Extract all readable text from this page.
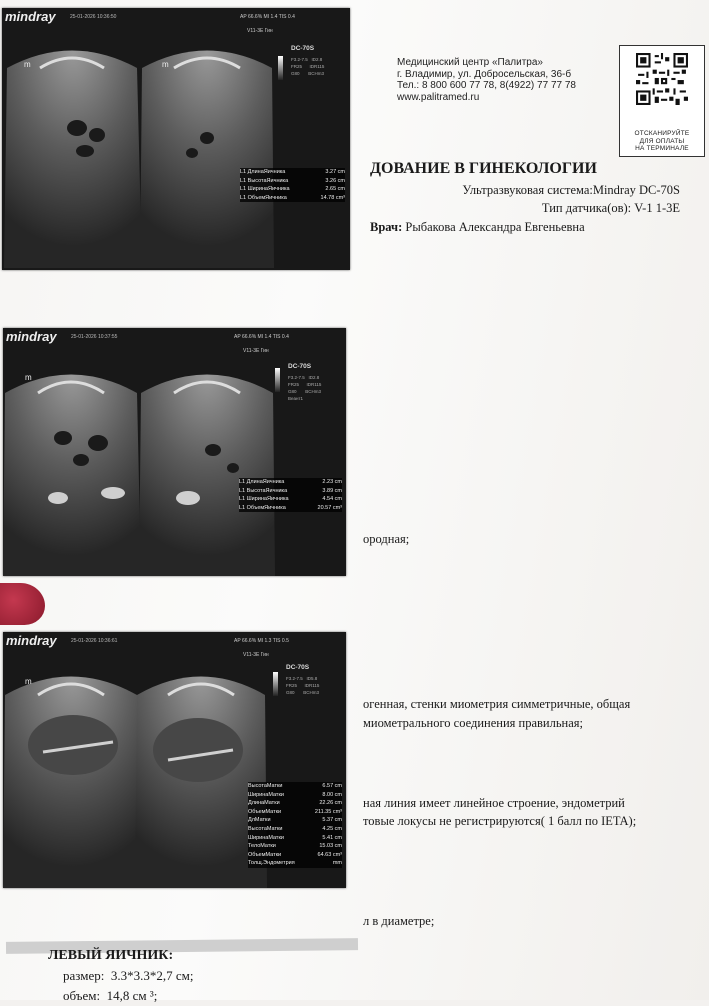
Медицинский центр «Палитра»
г. Владимир, ул. Добросельская, 36-б
Тел.: 8 800 600 77 78, 8(4922) 77 77 78
www.palitramed.ru
ОТСКАНИРУЙТЕ
ДЛЯ ОПЛАТЫ
НА ТЕРМИНАЛЕ
ДОВАНИЕ В ГИНЕКОЛОГИИ
Ультразвуковая система:Mindray DC-70S
Тип датчика(ов): V-1 1-3E
Врач: Рыбакова Александра Евгеньевна
ородная;
огенная, стенки миометрия симметричные, общая
миометрального соединения правильная;
ная линия имеет линейное строение, эндометрий
товые локусы не регистрируются( 1 балл по IETA);
л в диаметре;
mindray	25-01-2026 10:36:50	AP 66.6% MI 1.4 TIS 0.4
V11-3E Гин
DC-70S
F3.2-7.5   ID2.8
FR25      IDR115
G80       BCHm3

m	m
L1 ДлинаЯичника	3.27 cm
L1 ВысотаЯичника	3.26 cm
L1 ШиринаЯичника	2.65 cm
L1 ОбъемЯичника	14.78 cm³
mindray	25-01-2026 10:37:55	AP 66.6% MI 1.4 TIS 0.4
V11-3E Гин
DC-70S
F3.2-7.5   ID2.8
FR25      IDR115
G80       BCHm3
Веант1
m
L1 ДлинаЯичника	2.23 cm
L1 ВысотаЯичника	3.89 cm
L1 ШиринаЯичника	4.54 cm
L1 ОбъемЯичника	20.57 cm³
mindray	25-01-2026 10:36:61	AP 66.6% MI 1.3 TIS 0.5
V11-3E Гин
DC-70S
F3.2-7.5   ID5.8
FR25      IDR115
G80       BCHm3

m
ВысотаМатки	6.57 cm
ШиринаМатки	8.00 cm
ДлинаМатки	22.26 cm
ОбъемМатки	211.35 cm³
ДлМатки	5.37 cm
ВысотаМатки	4.25 cm
ШиринаМатки	5.41 cm
ТелоМатки	15.03 cm
ОбъемМатки	64.63 cm³
Толщ.Эндометрия	mm
ЛЕВЫЙ ЯИЧНИК:
размер: 3.3*3.3*2,7 см;
объем: 14,8 см ³;
